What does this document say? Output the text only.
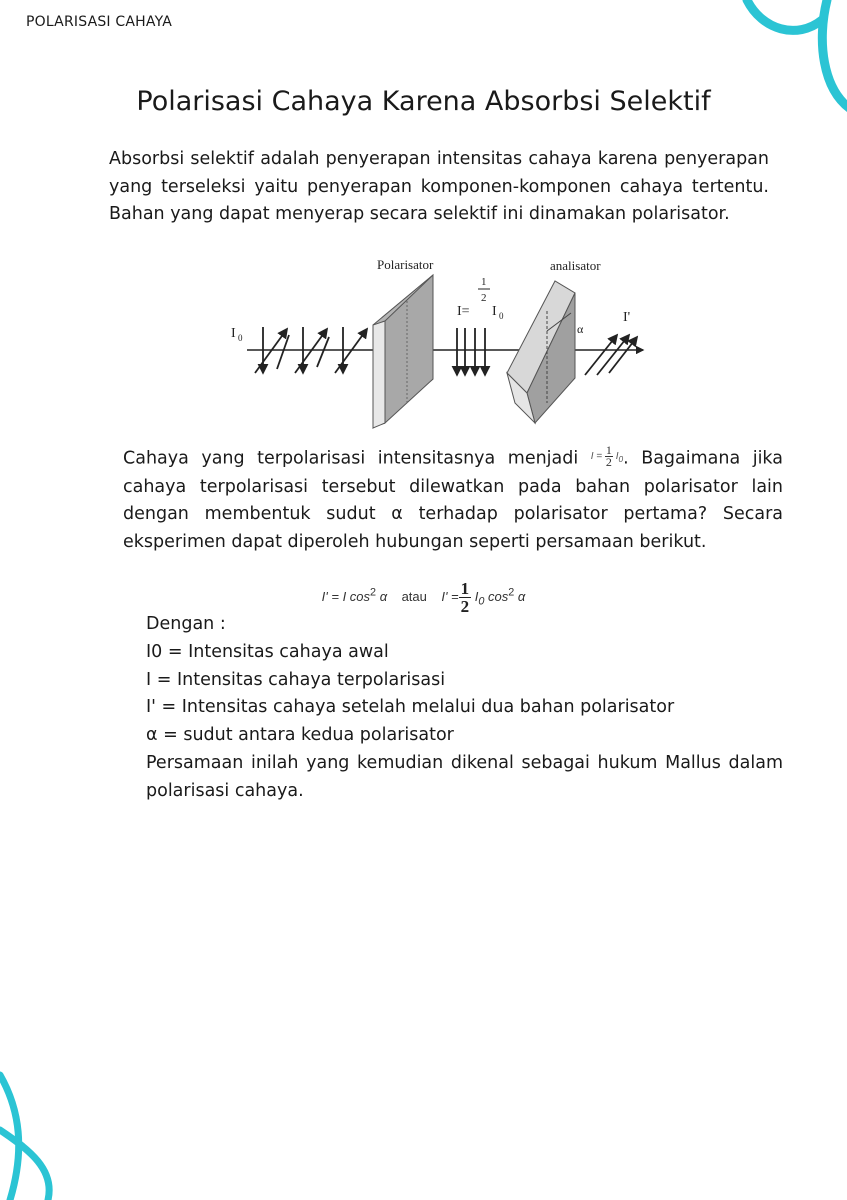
POLARISASI CAHAYA
Polarisasi Cahaya Karena Absorbsi Selektif
Absorbsi selektif adalah penyerapan intensitas cahaya karena penyerapan yang terseleksi yaitu penyerapan komponen-komponen cahaya tertentu. Bahan yang dapat menyerap secara selektif ini dinamakan polarisator.
Polarisator	analisator
I 0
1
2
I= I 0
α
I'
Cahaya yang terpolarisasi intensitasnya menjadi $I = \frac{1}{2} I_0$. Bagaimana jika cahaya terpolarisasi tersebut dilewatkan pada bahan polarisator lain dengan membentuk sudut α terhadap polarisator pertama? Secara eksperimen dapat diperoleh hubungan seperti persamaan berikut.
I' = I $\cos^2 \alpha$ atau $I' = \frac{1}{2} I_0$ $\cos^2 \alpha$
Dengan :
I0 = Intensitas cahaya awal
I = Intensitas cahaya terpolarisasi
I' = Intensitas cahaya setelah melalui dua bahan polarisator
α = sudut antara kedua polarisator
Persamaan inilah yang kemudian dikenal sebagai hukum Mallus dalam polarisasi cahaya.
